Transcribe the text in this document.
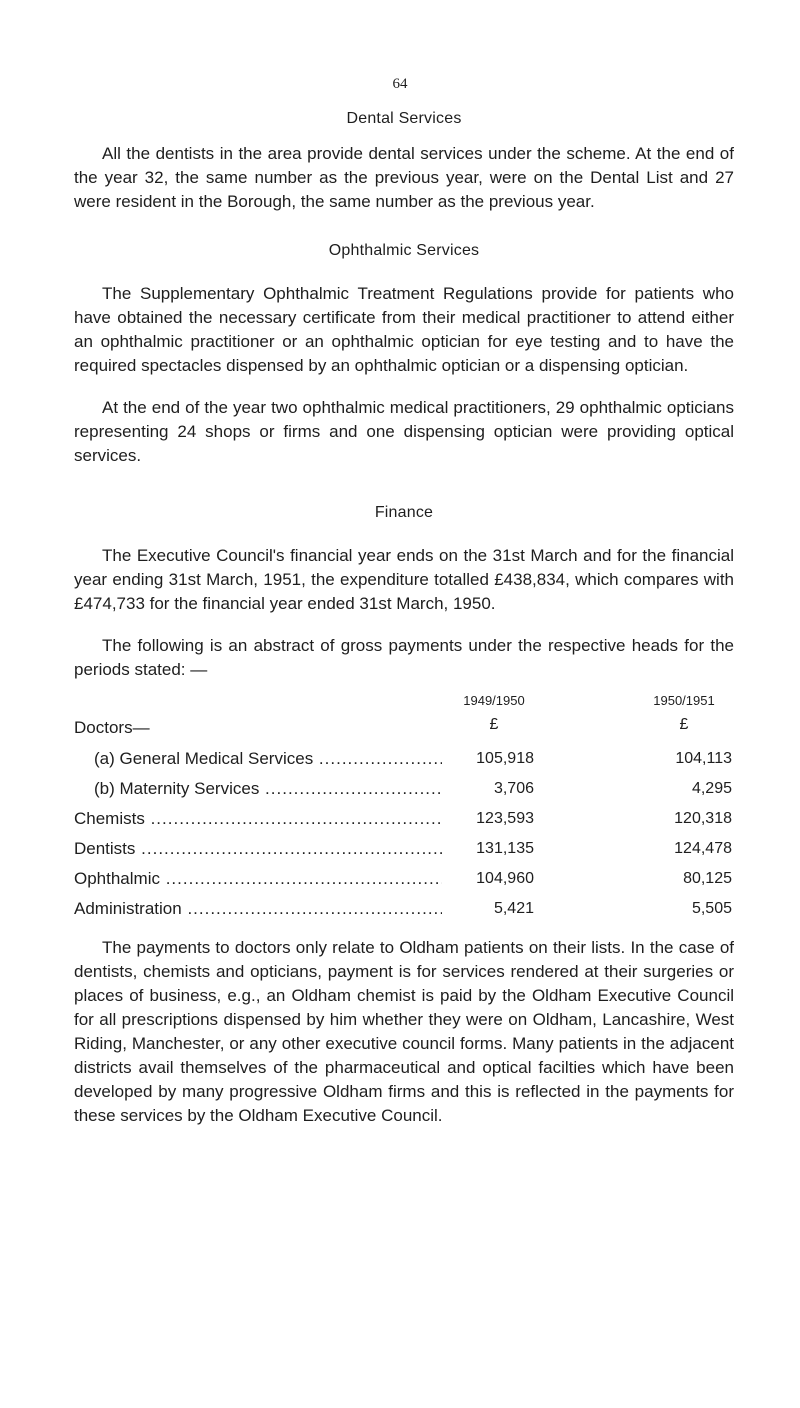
64
Dental Services

All the dentists in the area provide dental services under the scheme. At the end of the year 32, the same number as the previous year, were on the Dental List and 27 were resident in the Borough, the same number as the previous year.

Ophthalmic Services

The Supplementary Ophthalmic Treatment Regulations provide for patients who have obtained the necessary certificate from their medical practitioner to attend either an ophthalmic practitioner or an ophthalmic optician for eye testing and to have the required spectacles dispensed by an ophthalmic optician or a dispensing optician.

At the end of the year two ophthalmic medical practitioners, 29 ophthalmic opticians representing 24 shops or firms and one dispensing optician were providing optical services.

Finance

The Executive Council's financial year ends on the 31st March and for the financial year ending 31st March, 1951, the expenditure totalled £438,834, which compares with £474,733 for the financial year ended 31st March, 1950.

The following is an abstract of gross payments under the respective heads for the periods stated: —

Doctors—
1949/1950
£
1950/1951
£
(a) General Medical Services .....	105,918	104,113
(b) Maternity Services .....	3,706	4,295
Chemists .....	123,593	120,318
Dentists .....	131,135	124,478
Ophthalmic .....	104,960	80,125
Administration .....	5,421	5,505

The payments to doctors only relate to Oldham patients on their lists. In the case of dentists, chemists and opticians, payment is for services rendered at their surgeries or places of business, e.g., an Oldham chemist is paid by the Oldham Executive Council for all prescriptions dispensed by him whether they were on Oldham, Lancashire, West Riding, Manchester, or any other executive council forms. Many patients in the adjacent districts avail themselves of the pharmaceutical and optical facilties which have been developed by many progressive Oldham firms and this is reflected in the payments for these services by the Oldham Executive Council.
